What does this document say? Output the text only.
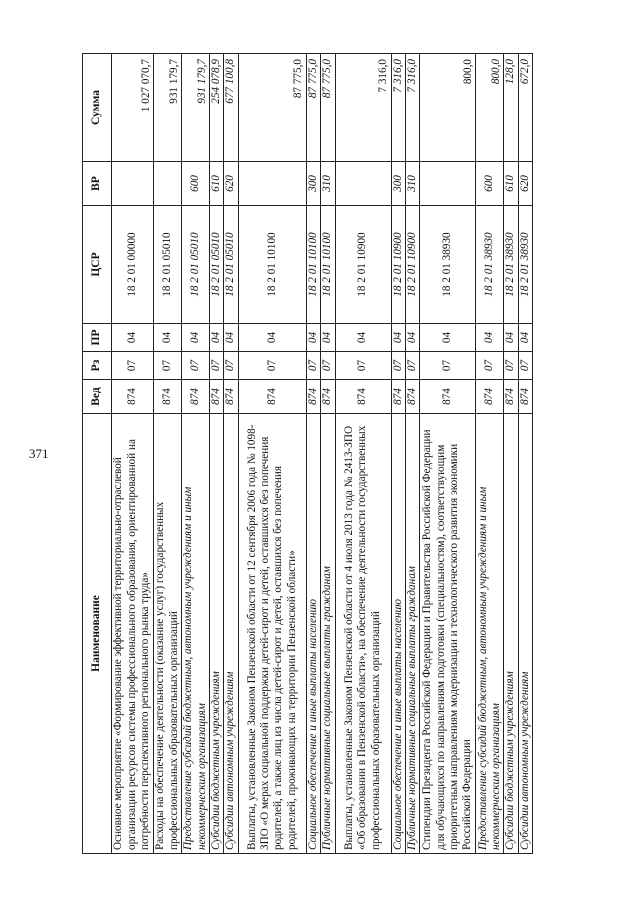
371
Наименование	Вед	Рз	ПР	ЦСР	ВР	Сумма
Основное мероприятие «Формирование эффективной территориально-отраслевой организации ресурсов системы профессионального образования, ориентированной на потребности перспективного регионального рынка труда»	874	07	04	18 2 01 00000		1 027 070,7
Расходы на обеспечение деятельности (оказание услуг) государственных профессиональных образовательных организаций	874	07	04	18 2 01 05010		931 179,7
Предоставление субсидий бюджетным, автономным учреждениям и иным некоммерческим организациям	874	07	04	18 2 01 05010	600	931 179,7
Субсидии бюджетным учреждениям	874	07	04	18 2 01 05010	610	254 078,9
Субсидии автономным учреждениям	874	07	04	18 2 01 05010	620	677 100,8
Выплаты, установленные Законом Пензенской области от 12 сентября 2006 года № 1098-ЗПО «О мерах социальной поддержки детей-сирот и детей, оставшихся без попечения родителей, а также лиц из числа детей-сирот и детей, оставшихся без попечения родителей, проживающих на территории Пензенской области»	874	07	04	18 2 01 10100		87 775,0
Социальное обеспечение и иные выплаты населению	874	07	04	18 2 01 10100	300	87 775,0
Публичные нормативные социальные выплаты гражданам	874	07	04	18 2 01 10100	310	87 775,0
Выплаты, установленные Законом Пензенской области от 4 июля 2013 года № 2413-ЗПО «Об образовании в Пензенской области», на обеспечение деятельности государственных профессиональных образовательных организаций	874	07	04	18 2 01 10900		7 316,0
Социальное обеспечение и иные выплаты населению	874	07	04	18 2 01 10900	300	7 316,0
Публичные нормативные социальные выплаты гражданам	874	07	04	18 2 01 10900	310	7 316,0
Стипендии Президента Российской Федерации и Правительства Российской Федерации для обучающихся по направлениям подготовки (специальностям), соответствующим приоритетным направлениям модернизации и технологического развития экономики Российской Федерации	874	07	04	18 2 01 38930		800,0
Предоставление субсидий бюджетным, автономным учреждениям и иным некоммерческим организациям	874	07	04	18 2 01 38930	600	800,0
Субсидии бюджетным учреждениям	874	07	04	18 2 01 38930	610	128,0
Субсидии автономным учреждениям	874	07	04	18 2 01 38930	620	672,0
